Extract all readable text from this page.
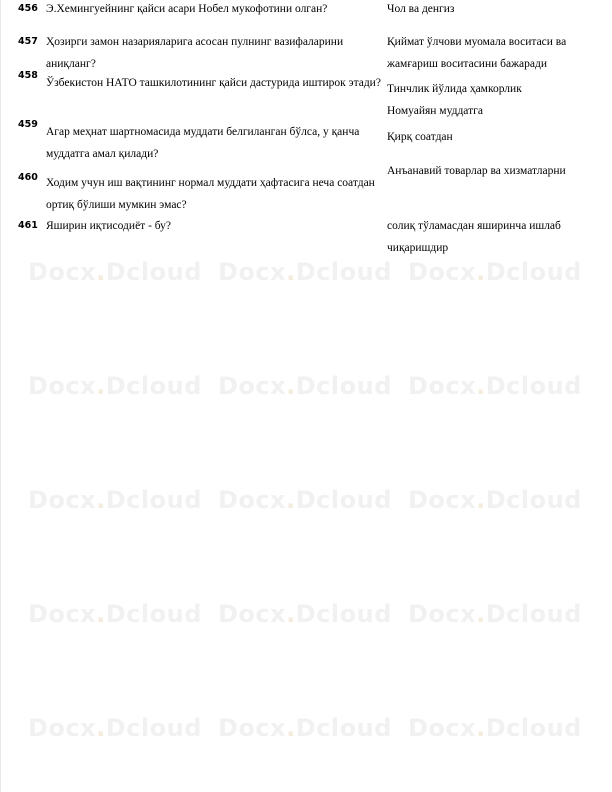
Docx.Dcloud Docx.Dcloud Docx.Dcloud
Docx.Dcloud Docx.Dcloud Docx.Dcloud
Docx.Dcloud Docx.Dcloud Docx.Dcloud
Docx.Dcloud Docx.Dcloud Docx.Dcloud
Docx.Dcloud Docx.Dcloud Docx.Dcloud
456 Э.Хемингуейнинг қайси асари Нобел мукофотини олган?	Чол ва денгиз
457 Ҳозирги замон назарияларига асосан пулнинг вазифаларини аниқланг?
Қиймат ўлчови муомала воситаси ва жамғариш воситасини бажаради
458
Ўзбекистон НАТО ташкилотининг қайси дастурида иштирок этади? Тинчлик йўлида ҳамкорлик
459
Агар меҳнат шартномасида муддати белгиланган бўлса, у қанча муддатга амал қилади?
Номуайян муддатга
460 Ходим учун иш вақтининг нормал муддати ҳафтасига неча соатдан ортиқ бўлиши мумкин эмас?
Қирқ соатдан
Анъанавий товарлар ва хизматларни
461 Яширин иқтисодиёт - бу?	солиқ тўламасдан яширинча ишлаб чиқаришдир
